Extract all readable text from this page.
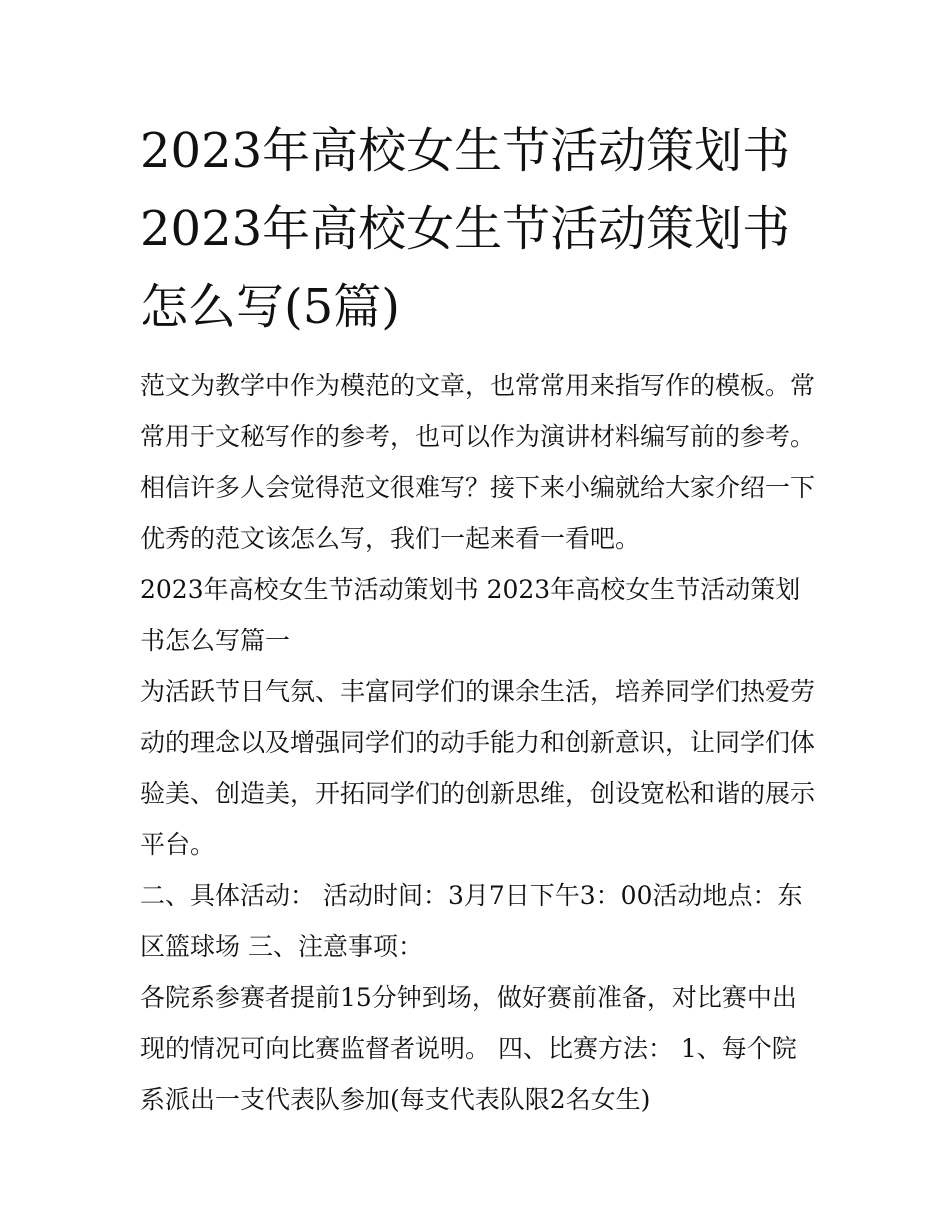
2023年高校女生节活动策划书
2023年高校女生节活动策划书
怎么写(5篇)

范文为教学中作为模范的文章，也常常用来指写作的模板。常常用于文秘写作的参考，也可以作为演讲材料编写前的参考。相信许多人会觉得范文很难写？接下来小编就给大家介绍一下优秀的范文该怎么写，我们一起来看一看吧。

2023年高校女生节活动策划书 2023年高校女生节活动策划书怎么写篇一

为活跃节日气氛、丰富同学们的课余生活，培养同学们热爱劳动的理念以及增强同学们的动手能力和创新意识，让同学们体验美、创造美，开拓同学们的创新思维，创设宽松和谐的展示平台。

二、具体活动： 活动时间：3月7日下午3：00活动地点：东区篮球场 三、注意事项：

各院系参赛者提前15分钟到场，做好赛前准备，对比赛中出现的情况可向比赛监督者说明。 四、比赛方法： 1、每个院系派出一支代表队参加(每支代表队限2名女生)
